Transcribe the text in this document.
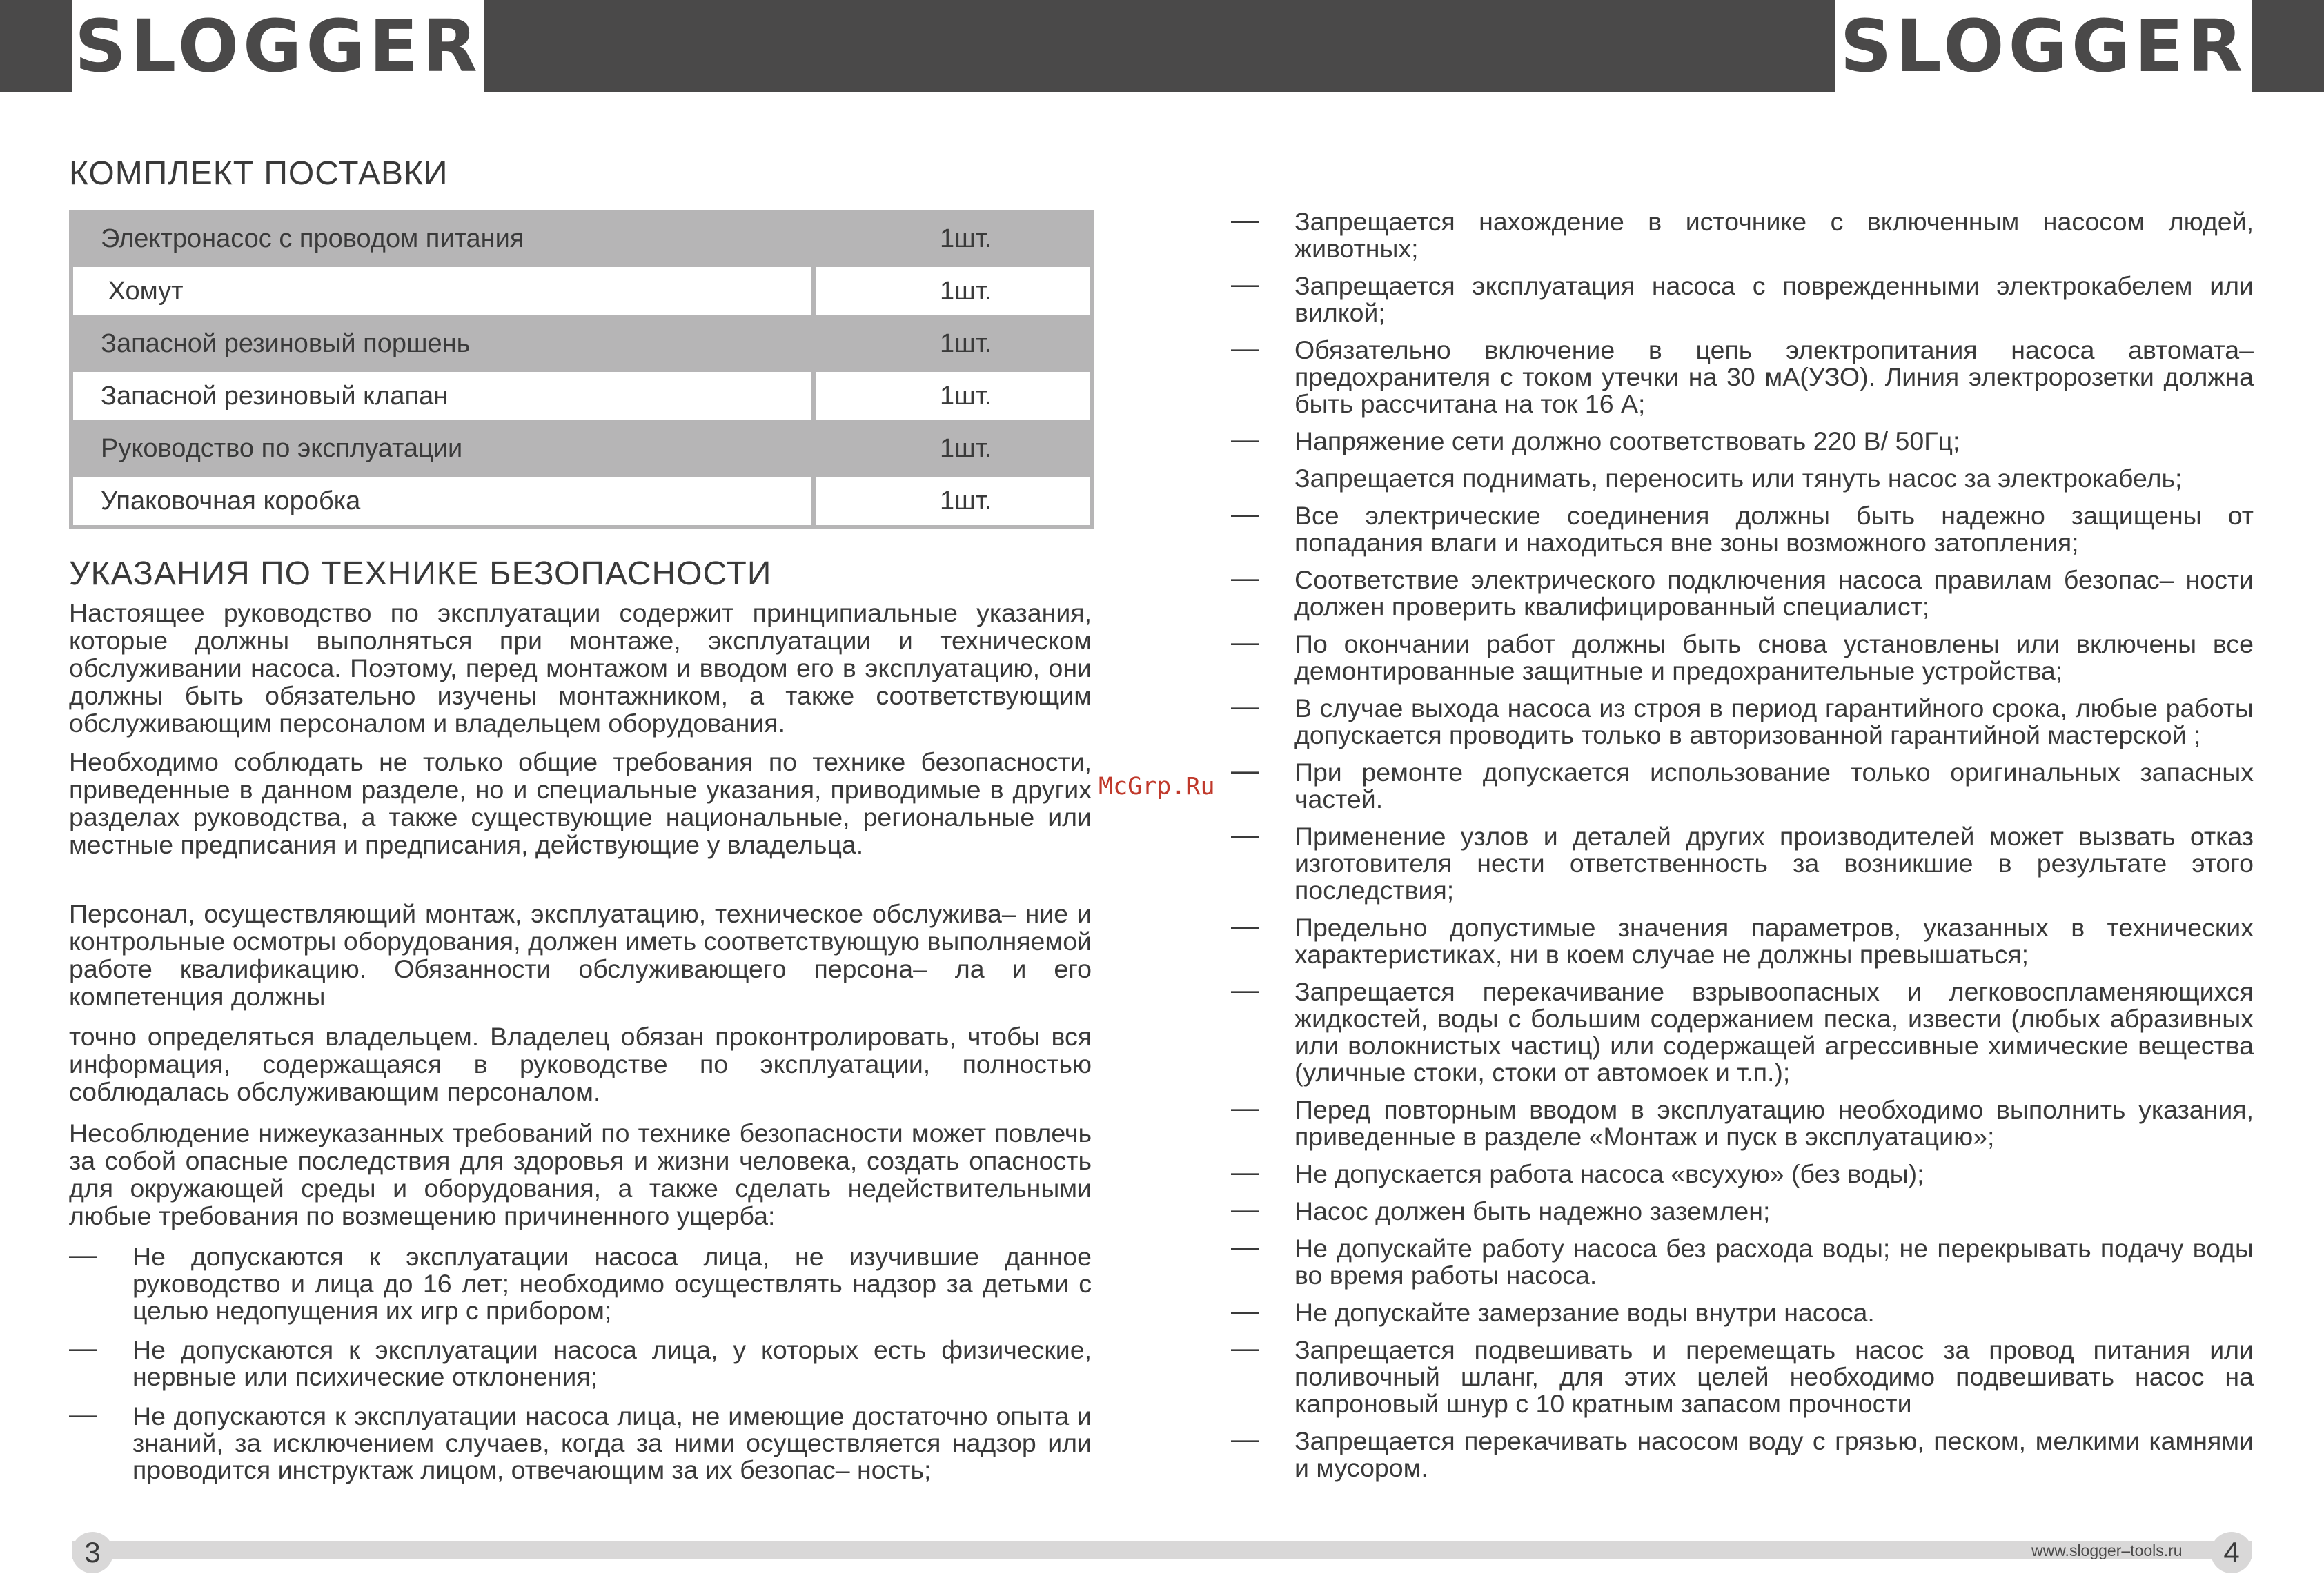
SLOGGER	SLOGGER
КОМПЛЕКТ ПОСТАВКИ
Электронасос с проводом питания	1шт.
Хомут	1шт.
Запасной резиновый поршень	1шт.
Запасной резиновый клапан	1шт.
Руководство по эксплуатации	1шт.
Упаковочная коробка	1шт.
УКАЗАНИЯ ПО ТЕХНИКЕ БЕЗОПАСНОСТИ
Настоящее руководство по эксплуатации содержит принципиальные указания, которые должны выполняться при монтаже, эксплуатации и техническом обслуживании насоса. Поэтому, перед монтажом и вводом его в эксплуатацию, они должны быть обязательно изучены монтажником, а также соответствующим обслуживающим персоналом и владельцем оборудования.
Необходимо соблюдать не только общие требования по технике безопасности, приведенные в данном разделе, но и специальные указания, приводимые в других разделах руководства, а также существующие национальные, региональные или местные предписания и предписания, действующие у владельца.
Персонал, осуществляющий монтаж, эксплуатацию, техническое обслужива– ние и контрольные осмотры оборудования, должен иметь соответствующую выполняемой работе квалификацию. Обязанности обслуживающего персона– ла и его компетенция должны
точно определяться владельцем. Владелец обязан проконтролировать, чтобы вся информация, содержащаяся в руководстве по эксплуатации, полностью соблюдалась обслуживающим персоналом.
Несоблюдение нижеуказанных требований по технике безопасности может повлечь за собой опасные последствия для здоровья и жизни человека, создать опасность для окружающей среды и оборудования, а также сделать недействительными любые требования по возмещению причиненного ущерба:
— Не допускаются к эксплуатации насоса лица, не изучившие данное руководство и лица до 16 лет; необходимо осуществлять надзор за детьми с целью недопущения их игр с прибором;
— Не допускаются к эксплуатации насоса лица, у которых есть физические, нервные или психические отклонения;
— Не допускаются к эксплуатации насоса лица, не имеющие достаточно опыта и знаний, за исключением случаев, когда за ними осуществляется надзор или проводится инструктаж лицом, отвечающим за их безопас– ность;
— Запрещается нахождение в источнике с включенным насосом людей, животных;
— Запрещается эксплуатация насоса с поврежденными электрокабелем или вилкой;
— Обязательно включение в цепь электропитания насоса автомата– предохранителя с током утечки на 30 мА(УЗО). Линия электророзетки должна быть рассчитана на ток 16 А;
— Напряжение сети должно соответствовать 220 В/ 50Гц;
Запрещается поднимать, переносить или тянуть насос за электрокабель;
— Все электрические соединения должны быть надежно защищены от попадания влаги и находиться вне зоны возможного затопления;
— Соответствие электрического подключения насоса правилам безопас– ности должен проверить квалифицированный специалист;
— По окончании работ должны быть снова установлены или включены все демонтированные защитные и предохранительные устройства;
— В случае выхода насоса из строя в период гарантийного срока, любые работы допускается проводить только в авторизованной гарантийной мастерской ;
— При ремонте допускается использование только оригинальных запасных частей.
— Применение узлов и деталей других производителей может вызвать отказ изготовителя нести ответственность за возникшие в результате этого последствия;
— Предельно допустимые значения параметров, указанных в технических характеристиках, ни в коем случае не должны превышаться;
— Запрещается перекачивание взрывоопасных и легковоспламеняющихся жидкостей, воды с большим содержанием песка, извести (любых абразивных или волокнистых частиц) или содержащей агрессивные химические вещества (уличные стоки, стоки от автомоек и т.п.);
— Перед повторным вводом в эксплуатацию необходимо выполнить указания, приведенные в разделе «Монтаж и пуск в эксплуатацию»;
— Не допускается работа насоса «всухую» (без воды);
— Насос должен быть надежно заземлен;
— Не допускайте работу насоса без расхода воды; не перекрывать подачу воды во время работы насоса.
— Не допускайте замерзание воды внутри насоса.
— Запрещается подвешивать и перемещать насос за провод питания или поливочный шланг, для этих целей необходимо подвешивать насос на капроновый шнур с 10 кратным запасом прочности
— Запрещается перекачивать насосом воду с грязью, песком, мелкими камнями и мусором.
McGrp.Ru
3	www.slogger–tools.ru	4
